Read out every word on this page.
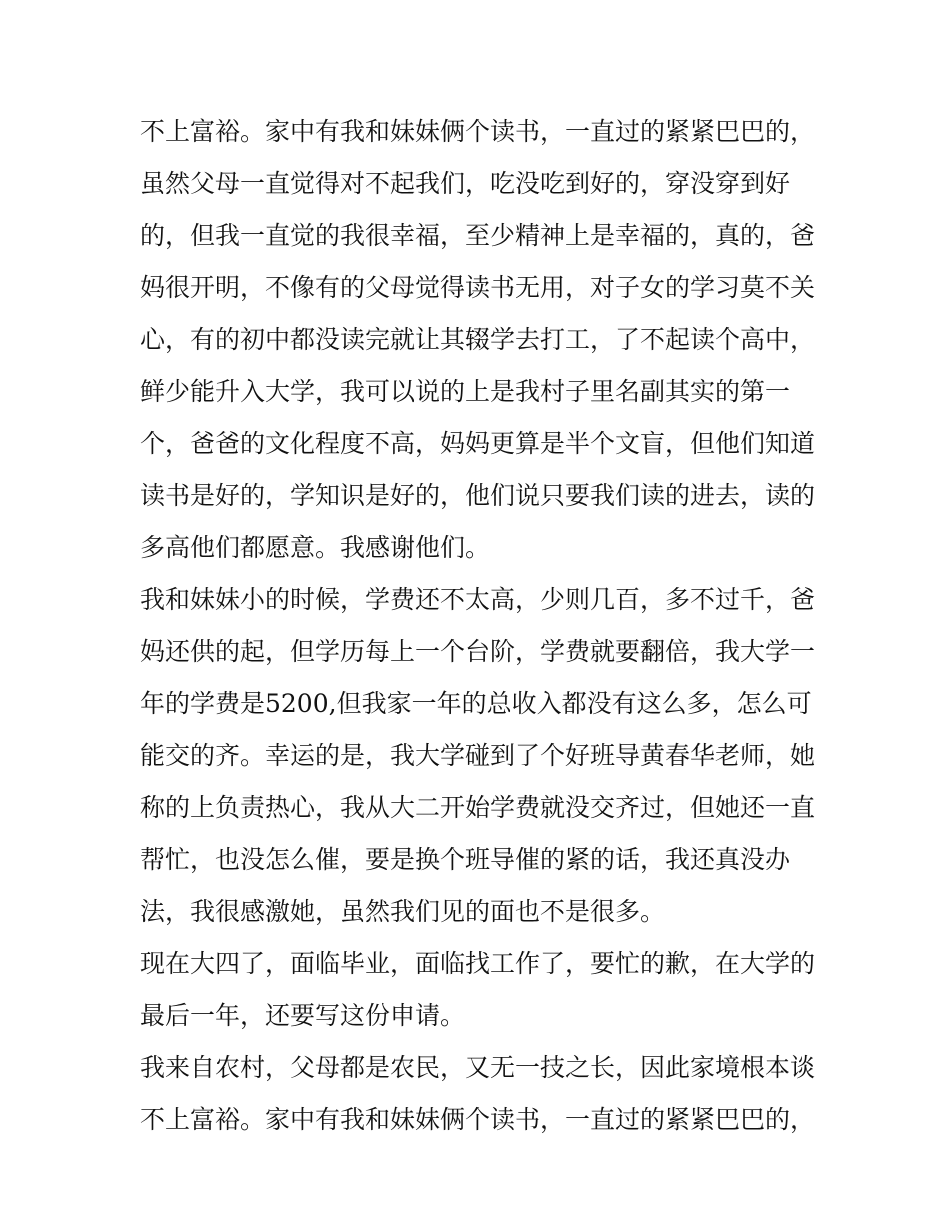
不上富裕。家中有我和妹妹俩个读书，一直过的紧紧巴巴的，
虽然父母一直觉得对不起我们，吃没吃到好的，穿没穿到好
的，但我一直觉的我很幸福，至少精神上是幸福的，真的，爸
妈很开明，不像有的父母觉得读书无用，对子女的学习莫不关
心，有的初中都没读完就让其辍学去打工，了不起读个高中，
鲜少能升入大学，我可以说的上是我村子里名副其实的第一
个，爸爸的文化程度不高，妈妈更算是半个文盲，但他们知道
读书是好的，学知识是好的，他们说只要我们读的进去，读的
多高他们都愿意。我感谢他们。
我和妹妹小的时候，学费还不太高，少则几百，多不过千，爸
妈还供的起，但学历每上一个台阶，学费就要翻倍，我大学一
年的学费是5200,但我家一年的总收入都没有这么多，怎么可
能交的齐。幸运的是，我大学碰到了个好班导黄春华老师，她
称的上负责热心，我从大二开始学费就没交齐过，但她还一直
帮忙，也没怎么催，要是换个班导催的紧的话，我还真没办
法，我很感激她，虽然我们见的面也不是很多。
现在大四了，面临毕业，面临找工作了，要忙的歉，在大学的
最后一年，还要写这份申请。
我来自农村，父母都是农民，又无一技之长，因此家境根本谈
不上富裕。家中有我和妹妹俩个读书，一直过的紧紧巴巴的，
